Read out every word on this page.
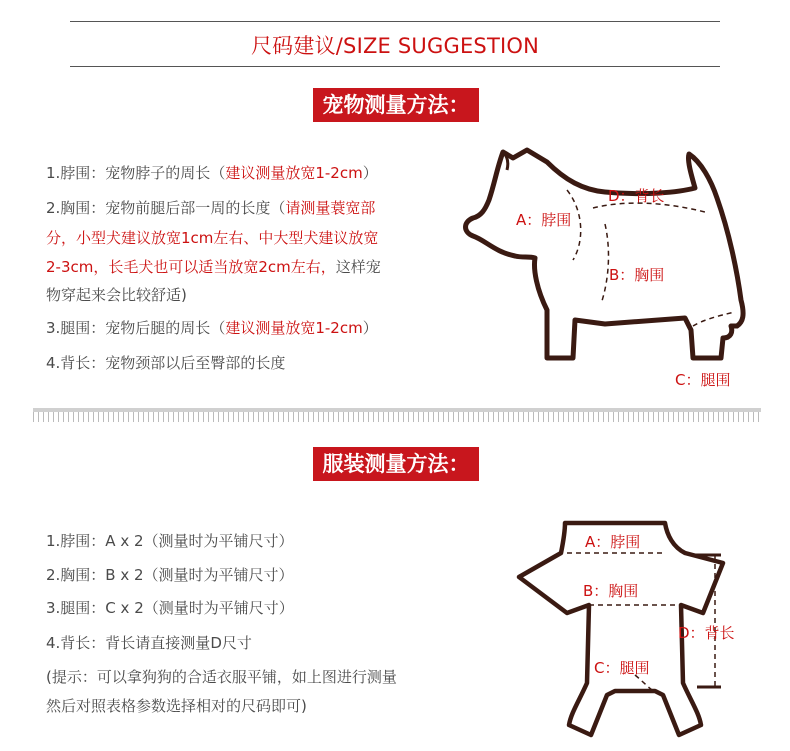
尺码建议/SIZE SUGGESTION
宠物测量方法：
1.脖围：宠物脖子的周长（建议测量放宽1-2cm）
2.胸围：宠物前腿后部一周的长度（请测量蓑宽部
分，小型犬建议放宽1cm左右、中大型犬建议放宽
2-3cm，长毛犬也可以适当放宽2cm左右，这样宠
物穿起来会比较舒适)
3.腿围：宠物后腿的周长（建议测量放宽1-2cm）
4.背长：宠物颈部以后至臀部的长度
A：脖围
D：背长
B：胸围
C：腿围
服装测量方法：
1.脖围：A x 2（测量时为平铺尺寸）
2.胸围：B x 2（测量时为平铺尺寸）
3.腿围：C x 2（测量时为平铺尺寸）
4.背长：背长请直接测量D尺寸
(提示：可以拿狗狗的合适衣服平铺，如上图进行测量
然后对照表格参数选择相对的尺码即可)
A：脖围
B：胸围
C：腿围
D：背长
